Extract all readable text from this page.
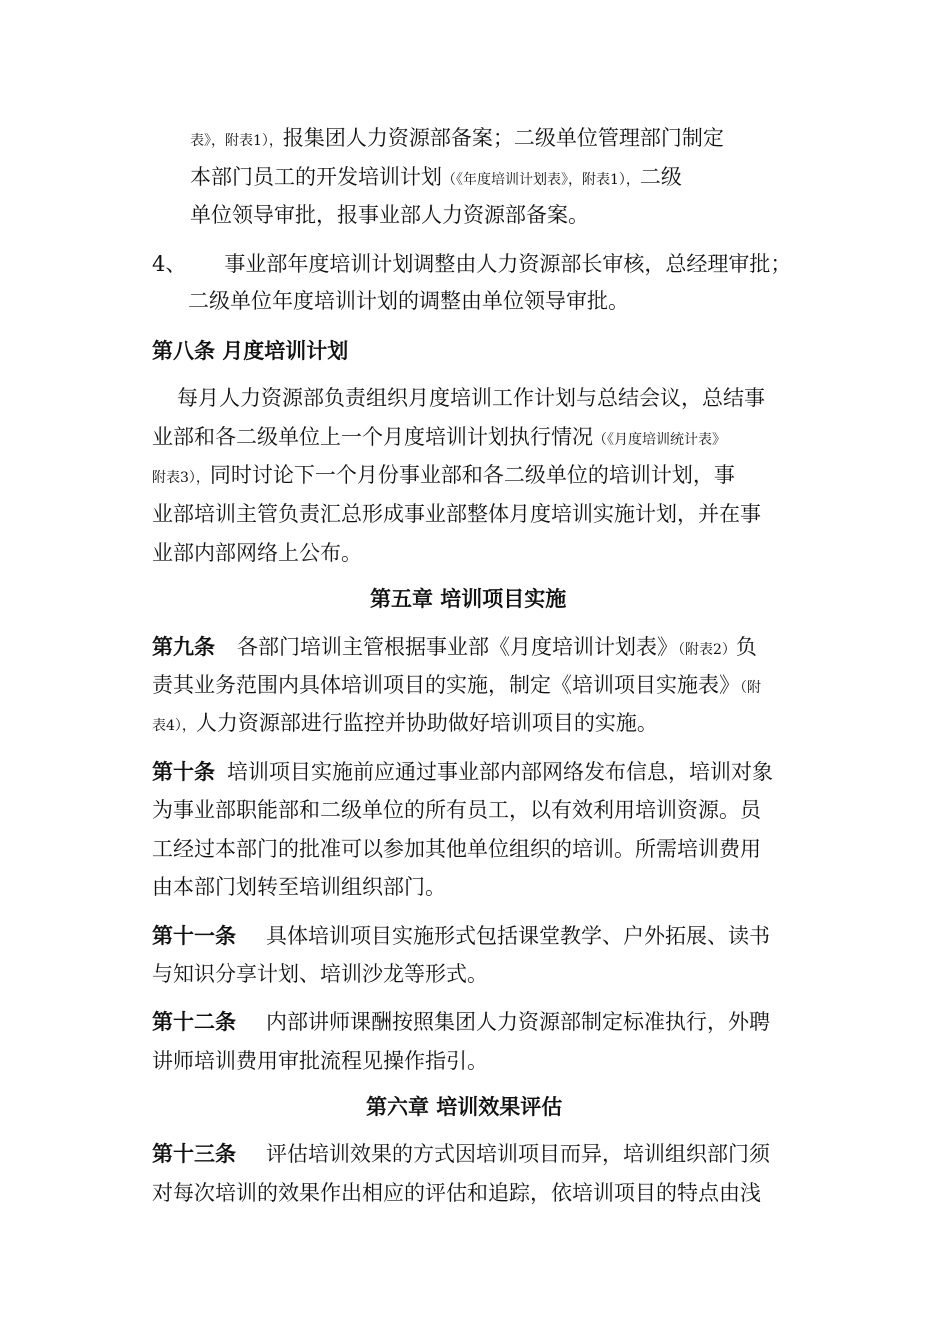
表》，附表1），报集团人力资源部备案；二级单位管理部门制定
本部门员工的开发培训计划（《年度培训计划表》，附表1），二级
单位领导审批，报事业部人力资源部备案。
4、 事业部年度培训计划调整由人力资源部长审核，总经理审批；
二级单位年度培训计划的调整由单位领导审批。
第八条 月度培训计划
每月人力资源部负责组织月度培训工作计划与总结会议，总结事
业部和各二级单位上一个月度培训计划执行情况（《月度培训统计表》
附表3），同时讨论下一个月份事业部和各二级单位的培训计划，事
业部培训主管负责汇总形成事业部整体月度培训实施计划，并在事
业部内部网络上公布。
第五章 培训项目实施
第九条 各部门培训主管根据事业部《月度培训计划表》（附表2）负
责其业务范围内具体培训项目的实施，制定《培训项目实施表》（附
表4），人力资源部进行监控并协助做好培训项目的实施。
第十条 培训项目实施前应通过事业部内部网络发布信息，培训对象
为事业部职能部和二级单位的所有员工，以有效利用培训资源。员
工经过本部门的批准可以参加其他单位组织的培训。所需培训费用
由本部门划转至培训组织部门。
第十一条 具体培训项目实施形式包括课堂教学、户外拓展、读书
与知识分享计划、培训沙龙等形式。
第十二条 内部讲师课酬按照集团人力资源部制定标准执行，外聘
讲师培训费用审批流程见操作指引。
第六章 培训效果评估
第十三条 评估培训效果的方式因培训项目而异，培训组织部门须
对每次培训的效果作出相应的评估和追踪，依培训项目的特点由浅
